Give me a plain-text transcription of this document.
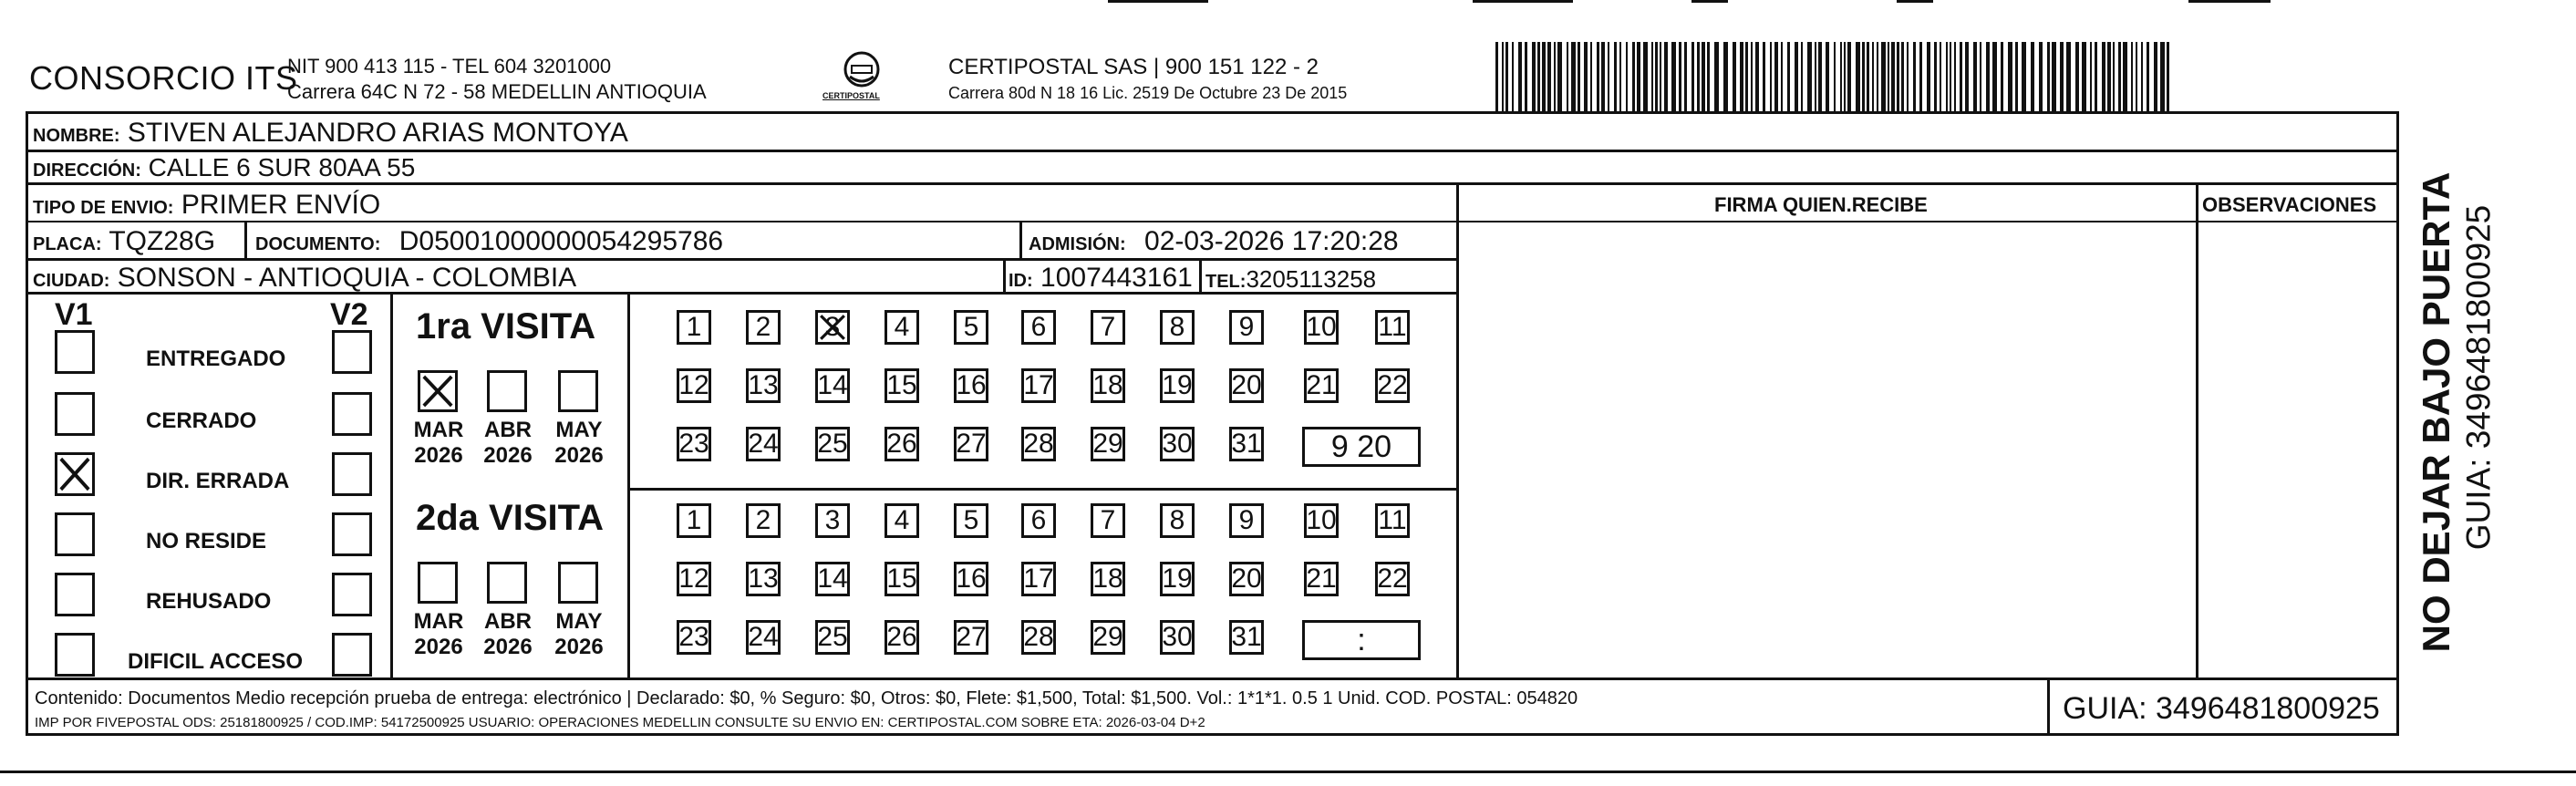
CONSORCIO ITS
NIT 900 413 115 - TEL 604 3201000
Carrera 64C N 72 - 58 MEDELLIN ANTIOQUIA	CERTIPOSTAL
CERTIPOSTAL SAS | 900 151 122 - 2
Carrera 80d N 18 16 Lic. 2519 De Octubre 23 De 2015
NOMBRE: STIVEN ALEJANDRO ARIAS MONTOYA
DIRECCIÓN: CALLE 6 SUR 80AA 55
TIPO DE ENVIO: PRIMER ENVÍO	FIRMA QUIEN.RECIBE	OBSERVACIONES
PLACA: TQZ28G DOCUMENTO: D05001000000054295786	ADMISIÓN: 02-03-2026 17:20:28
CIUDAD: SONSON - ANTIOQUIA - COLOMBIA	ID: 1007443161 TEL:3205113258
V1	V2
ENTREGADO
CERRADO
DIR. ERRADA
NO RESIDE
REHUSADO
DIFICIL ACCESO
1ra VISITA
MAR
2026
ABR
2026
MAY
2026
1 2 3 4 5 6 7 8 9 10 11
12 13 14 15 16 17 18 19 20 21 22
23 24 25 26 27 28 29 30 31	9 20
2da VISITA
MAR
2026
ABR
2026
MAY
2026
1 2 3 4 5 6 7 8 9 10 11
12 13 14 15 16 17 18 19 20 21 22
23 24 25 26 27 28 29 30 31	:
Contenido: Documentos Medio recepción prueba de entrega: electrónico | Declarado: $0, % Seguro: $0, Otros: $0, Flete: $1,500, Total: $1,500. Vol.: 1*1*1. 0.5 1 Unid. COD. POSTAL: 054820
IMP POR FIVEPOSTAL ODS: 25181800925 / COD.IMP: 54172500925 USUARIO: OPERACIONES MEDELLIN CONSULTE SU ENVIO EN: CERTIPOSTAL.COM SOBRE ETA: 2026-03-04 D+2	GUIA: 3496481800925
NO DEJAR BAJO PUERTA GUIA: 3496481800925
